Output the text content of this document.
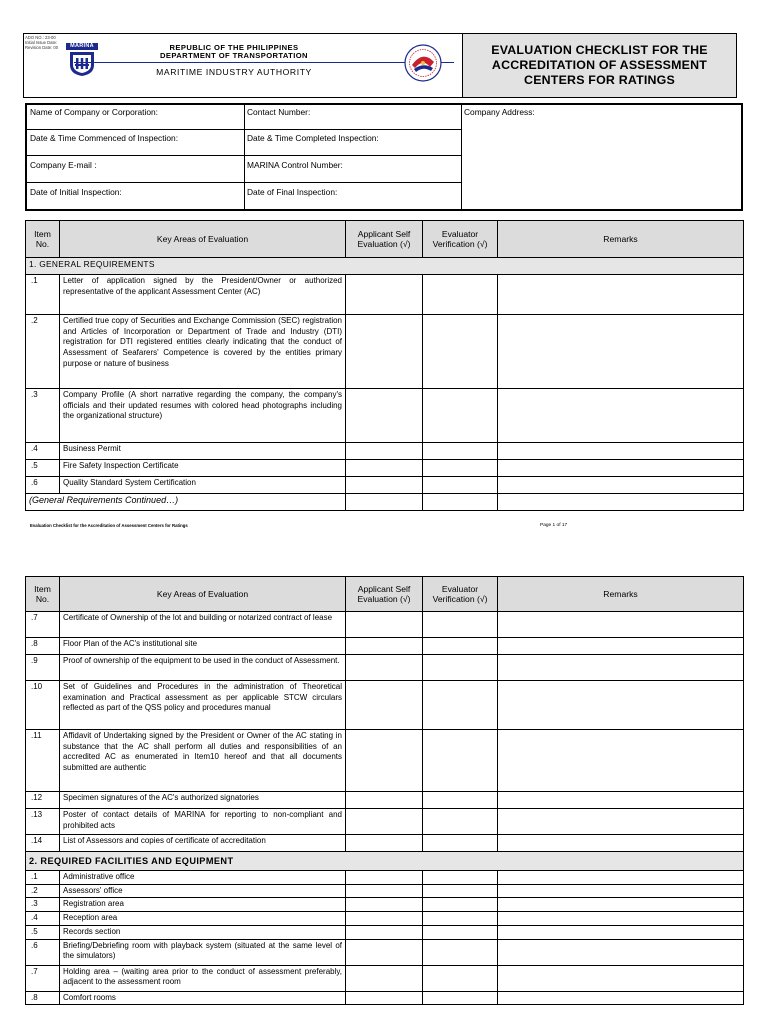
ADO NO.: 23-00
Initial Issue Date:
Revision Date: 00	MARINA	REPUBLIC OF THE PHILIPPINES
DEPARTMENT OF TRANSPORTATION
MARITIME INDUSTRY AUTHORITY
EVALUATION CHECKLIST FOR THE ACCREDITATION OF ASSESSMENT CENTERS FOR RATINGS
Name of Company or Corporation:	Contact Number:	Company Address:
Date & Time Commenced of Inspection:	Date & Time Completed Inspection:
Company E-mail :	MARINA Control Number:
Date of Initial Inspection:	Date of Final Inspection:
Item No.	Key Areas of Evaluation	Applicant Self Evaluation (√)	Evaluator Verification (√)	Remarks
1. GENERAL REQUIREMENTS				
.1	Letter of application signed by the President/Owner or authorized representative of the applicant Assessment Center (AC)			
.2	Certified true copy of Securities and Exchange Commission (SEC) registration and Articles of Incorporation or Department of Trade and Industry (DTI) registration for DTI registered entities clearly indicating that the conduct of Assessment of Seafarers' Competence is covered by the entities primary purpose or nature of business			
.3	Company Profile (A short narrative regarding the company, the company's officials and their updated resumes with colored head photographs including the organizational structure)			
.4	Business Permit			
.5	Fire Safety Inspection Certificate			
.6	Quality Standard System Certification			
(General Requirements Continued…)				
Evaluation Checklist for the Accreditation of Assessment Centers for Ratings	Page 1 of 17
Item No.	Key Areas of Evaluation	Applicant Self Evaluation (√)	Evaluator Verification (√)	Remarks
.7	Certificate of Ownership of the lot and building or notarized contract of lease			
.8	Floor Plan of the AC's institutional site			
.9	Proof of ownership of the equipment to be used in the conduct of Assessment.			
.10	Set of Guidelines and Procedures in the administration of Theoretical examination and Practical assessment as per applicable STCW circulars reflected as part of the QSS policy and procedures manual			
.11	Affidavit of Undertaking signed by the President or Owner of the AC stating in substance that the AC shall perform all duties and responsibilities of an accredited AC as enumerated in Item10 hereof and that all documents submitted are authentic			
.12	Specimen signatures of the AC's authorized signatories			
.13	Poster of contact details of MARINA for reporting to non-compliant and prohibited acts			
.14	List of Assessors and copies of certificate of accreditation			
2. REQUIRED FACILITIES AND EQUIPMENT				
.1	Administrative office			
.2	Assessors' office			
.3	Registration area			
.4	Reception area			
.5	Records section			
.6	Briefing/Debriefing room with playback system (situated at the same level of the simulators)			
.7	Holding area – (waiting area prior to the conduct of assessment preferably, adjacent to the assessment room			
.8	Comfort rooms			
